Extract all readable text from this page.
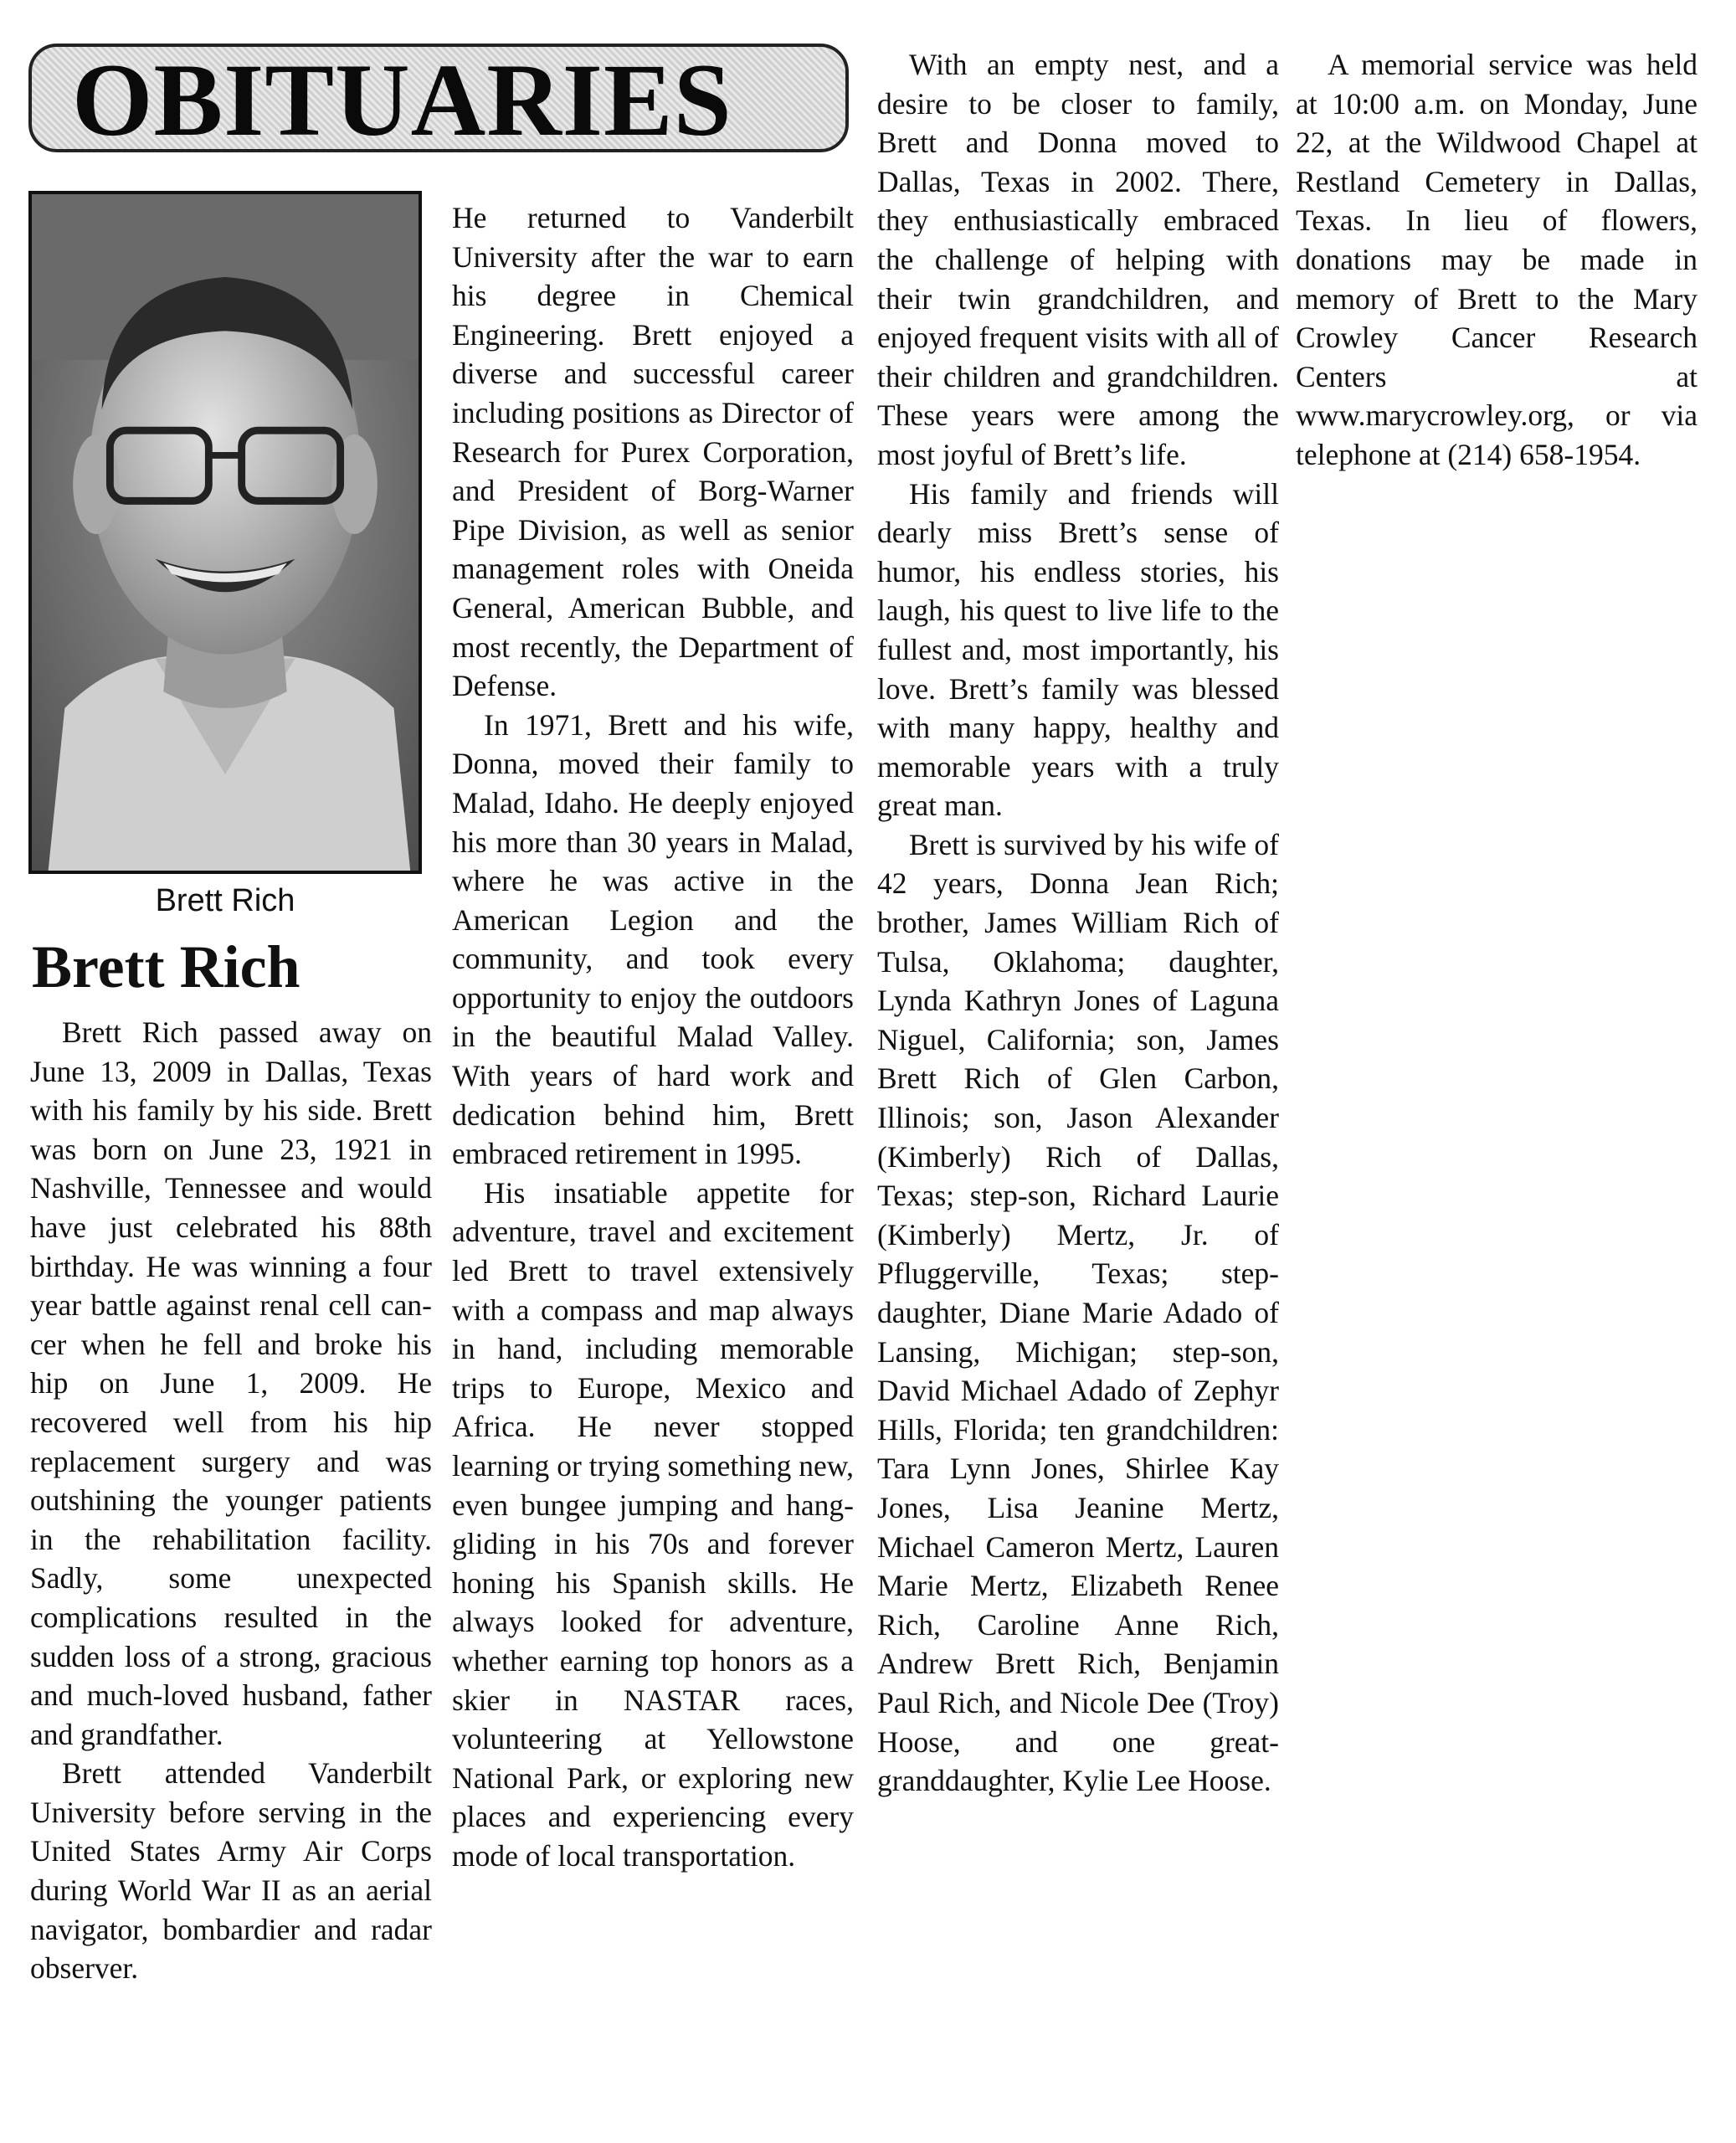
OBITUARIES
Brett Rich
Brett Rich

Brett Rich passed away on June 13, 2009 in Dallas, Texas with his family by his side. Brett was born on June 23, 1921 in Nashville, Tennessee and would have just celebrated his 88th birthday. He was winning a four year battle against renal cell cancer when he fell and broke his hip on June 1, 2009. He recovered well from his hip replacement surgery and was outshining the younger patients in the rehabilitation facility. Sadly, some unexpected complications resulted in the sudden loss of a strong, gracious and much-loved husband, father and grandfather.

Brett attended Vanderbilt University before serving in the United States Army Air Corps during World War II as an aerial navigator, bombardier and radar observer.

He returned to Vanderbilt University after the war to earn his degree in Chemical Engineering. Brett enjoyed a diverse and successful career including positions as Director of Research for Purex Corporation, and President of Borg-Warner Pipe Division, as well as senior management roles with Oneida General, American Bubble, and most recently, the Department of Defense.

In 1971, Brett and his wife, Donna, moved their family to Malad, Idaho. He deeply enjoyed his more than 30 years in Malad, where he was active in the American Legion and the community, and took every opportunity to enjoy the outdoors in the beautiful Malad Valley. With years of hard work and dedication behind him, Brett embraced retirement in 1995.

His insatiable appetite for adventure, travel and excitement led Brett to travel extensively with a compass and map always in hand, including memorable trips to Europe, Mexico and Africa. He never stopped learning or trying something new, even bungee jumping and hang-gliding in his 70s and forever honing his Spanish skills. He always looked for adventure, whether earning top honors as a skier in NASTAR races, volunteering at Yellowstone National Park, or exploring new places and experiencing every mode of local transportation.

With an empty nest, and a desire to be closer to family, Brett and Donna moved to Dallas, Texas in 2002. There, they enthusiastically embraced the challenge of helping with their twin grandchildren, and enjoyed frequent visits with all of their children and grandchildren. These years were among the most joyful of Brett’s life.

His family and friends will dearly miss Brett’s sense of humor, his endless stories, his laugh, his quest to live life to the fullest and, most importantly, his love. Brett’s family was blessed with many happy, healthy and memorable years with a truly great man.

Brett is survived by his wife of 42 years, Donna Jean Rich; brother, James William Rich of Tulsa, Oklahoma; daughter, Lynda Kathryn Jones of Laguna Niguel, California; son, James Brett Rich of Glen Carbon, Illinois; son, Jason Alexander (Kimberly) Rich of Dallas, Texas; step-son, Richard Laurie (Kimberly) Mertz, Jr. of Pfluggerville, Texas; step-daughter, Diane Marie Adado of Lansing, Michigan; step-son, David Michael Adado of Zephyr Hills, Florida; ten grandchildren: Tara Lynn Jones, Shirlee Kay Jones, Lisa Jeanine Mertz, Michael Cameron Mertz, Lauren Marie Mertz, Elizabeth Renee Rich, Caroline Anne Rich, Andrew Brett Rich, Benjamin Paul Rich, and Nicole Dee (Troy) Hoose, and one great-granddaughter, Kylie Lee Hoose.

A memorial service was held at 10:00 a.m. on Monday, June 22, at the Wildwood Chapel at Restland Cemetery in Dallas, Texas. In lieu of flowers, donations may be made in memory of Brett to the Mary Crowley Cancer Research Centers at www.marycrowley.org, or via telephone at (214) 658-1954.
